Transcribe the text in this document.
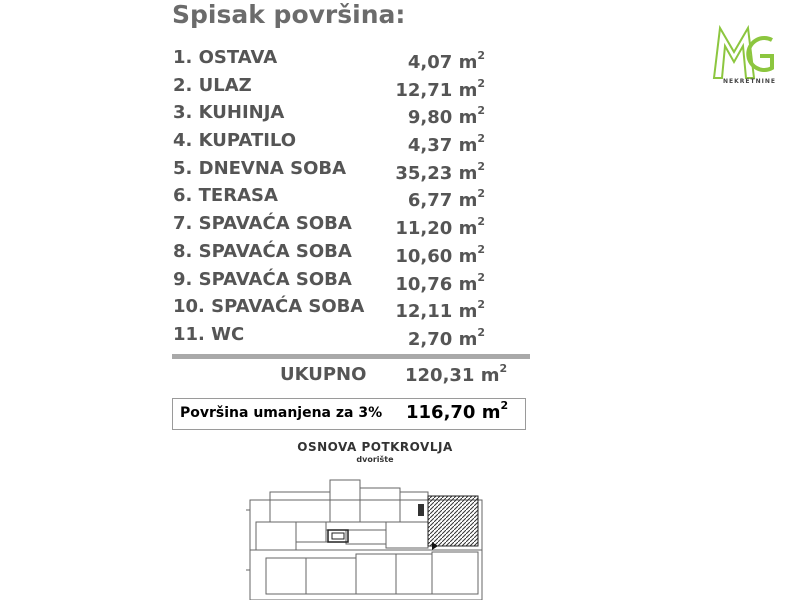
Spisak površina:
1. OSTAVA	4,07 $m^2$
2. ULAZ	12,71 $m^2$
3. KUHINJA	9,80 $m^2$
4. KUPATILO	4,37 $m^2$
5. DNEVNA SOBA	35,23 $m^2$
6. TERASA	6,77 $m^2$
7. SPAVAĆA SOBA 11,20 $m^2$
8. SPAVAĆA SOBA 10,60 $m^2$
9. SPAVAĆA SOBA 10,76 $m^2$
10. SPAVAĆA SOBA 12,11 $m^2$
11. WC	2,70 $m^2$
UKUPNO 120,31 $m^2$
Površina umanjena za 3% 116,70 $m^2$
NEKRETNINE
OSNOVA POTKROVLJA
dvorište
